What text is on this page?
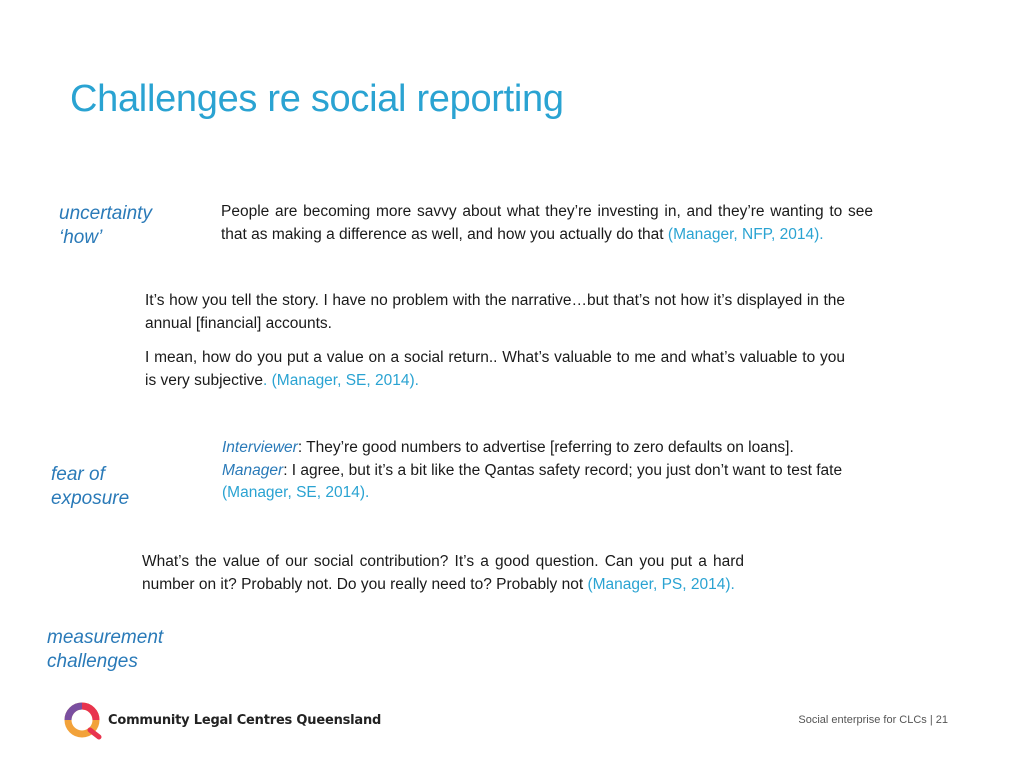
Challenges re social reporting
uncertainty
‘how’

People are becoming more savvy about what they’re investing in, and they’re wanting to see that as making a difference as well, and how you actually do that (Manager, NFP, 2014).

It’s how you tell the story. I have no problem with the narrative…but that’s not how it’s displayed in the annual [financial] accounts.

I mean, how do you put a value on a social return.. What’s valuable to me and what’s valuable to you is very subjective. (Manager, SE, 2014).

fear of
exposure
Interviewer: They’re good numbers to advertise [referring to zero defaults on loans].
Manager: I agree, but it’s a bit like the Qantas safety record; you just don’t want to test fate
(Manager, SE, 2014).

What’s the value of our social contribution? It’s a good question. Can you put a hard number on it? Probably not. Do you really need to? Probably not (Manager, PS, 2014).

measurement
challenges
Community Legal Centres Queensland	Social enterprise for CLCs | 21
